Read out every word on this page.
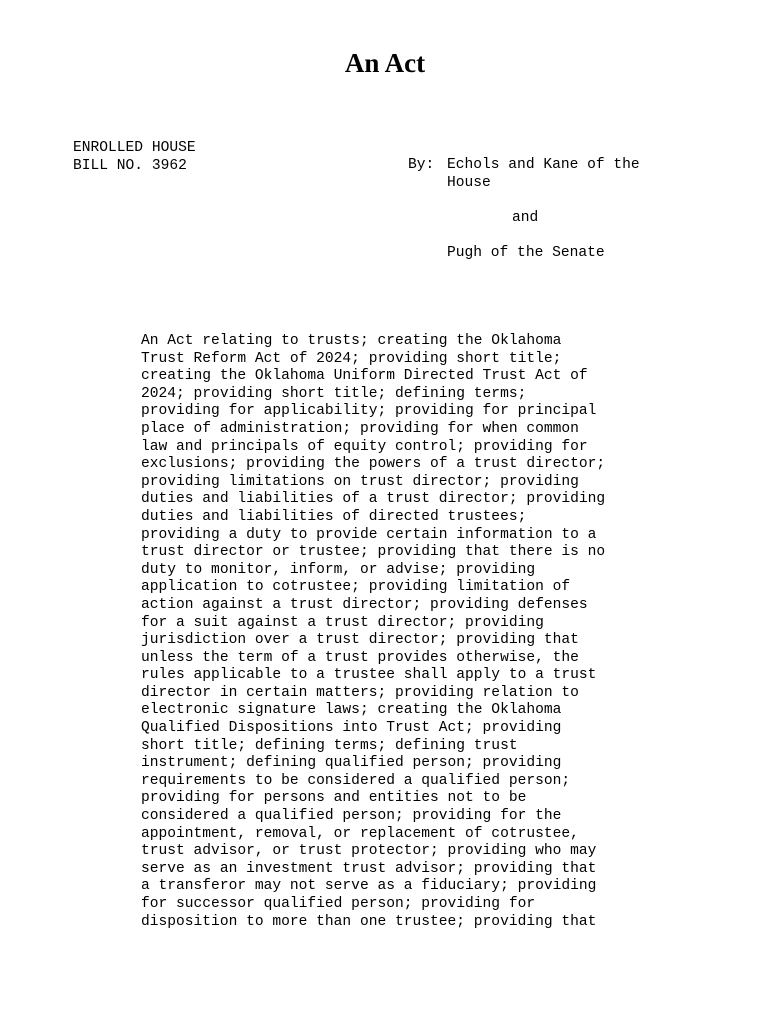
An Act
ENROLLED HOUSE
BILL NO. 3962	By: Echols and Kane of the
House
and
Pugh of the Senate
An Act relating to trusts; creating the Oklahoma
Trust Reform Act of 2024; providing short title;
creating the Oklahoma Uniform Directed Trust Act of
2024; providing short title; defining terms;
providing for applicability; providing for principal
place of administration; providing for when common
law and principals of equity control; providing for
exclusions; providing the powers of a trust director;
providing limitations on trust director; providing
duties and liabilities of a trust director; providing
duties and liabilities of directed trustees;
providing a duty to provide certain information to a
trust director or trustee; providing that there is no
duty to monitor, inform, or advise; providing
application to cotrustee; providing limitation of
action against a trust director; providing defenses
for a suit against a trust director; providing
jurisdiction over a trust director; providing that
unless the term of a trust provides otherwise, the
rules applicable to a trustee shall apply to a trust
director in certain matters; providing relation to
electronic signature laws; creating the Oklahoma
Qualified Dispositions into Trust Act; providing
short title; defining terms; defining trust
instrument; defining qualified person; providing
requirements to be considered a qualified person;
providing for persons and entities not to be
considered a qualified person; providing for the
appointment, removal, or replacement of cotrustee,
trust advisor, or trust protector; providing who may
serve as an investment trust advisor; providing that
a transferor may not serve as a fiduciary; providing
for successor qualified person; providing for
disposition to more than one trustee; providing that
